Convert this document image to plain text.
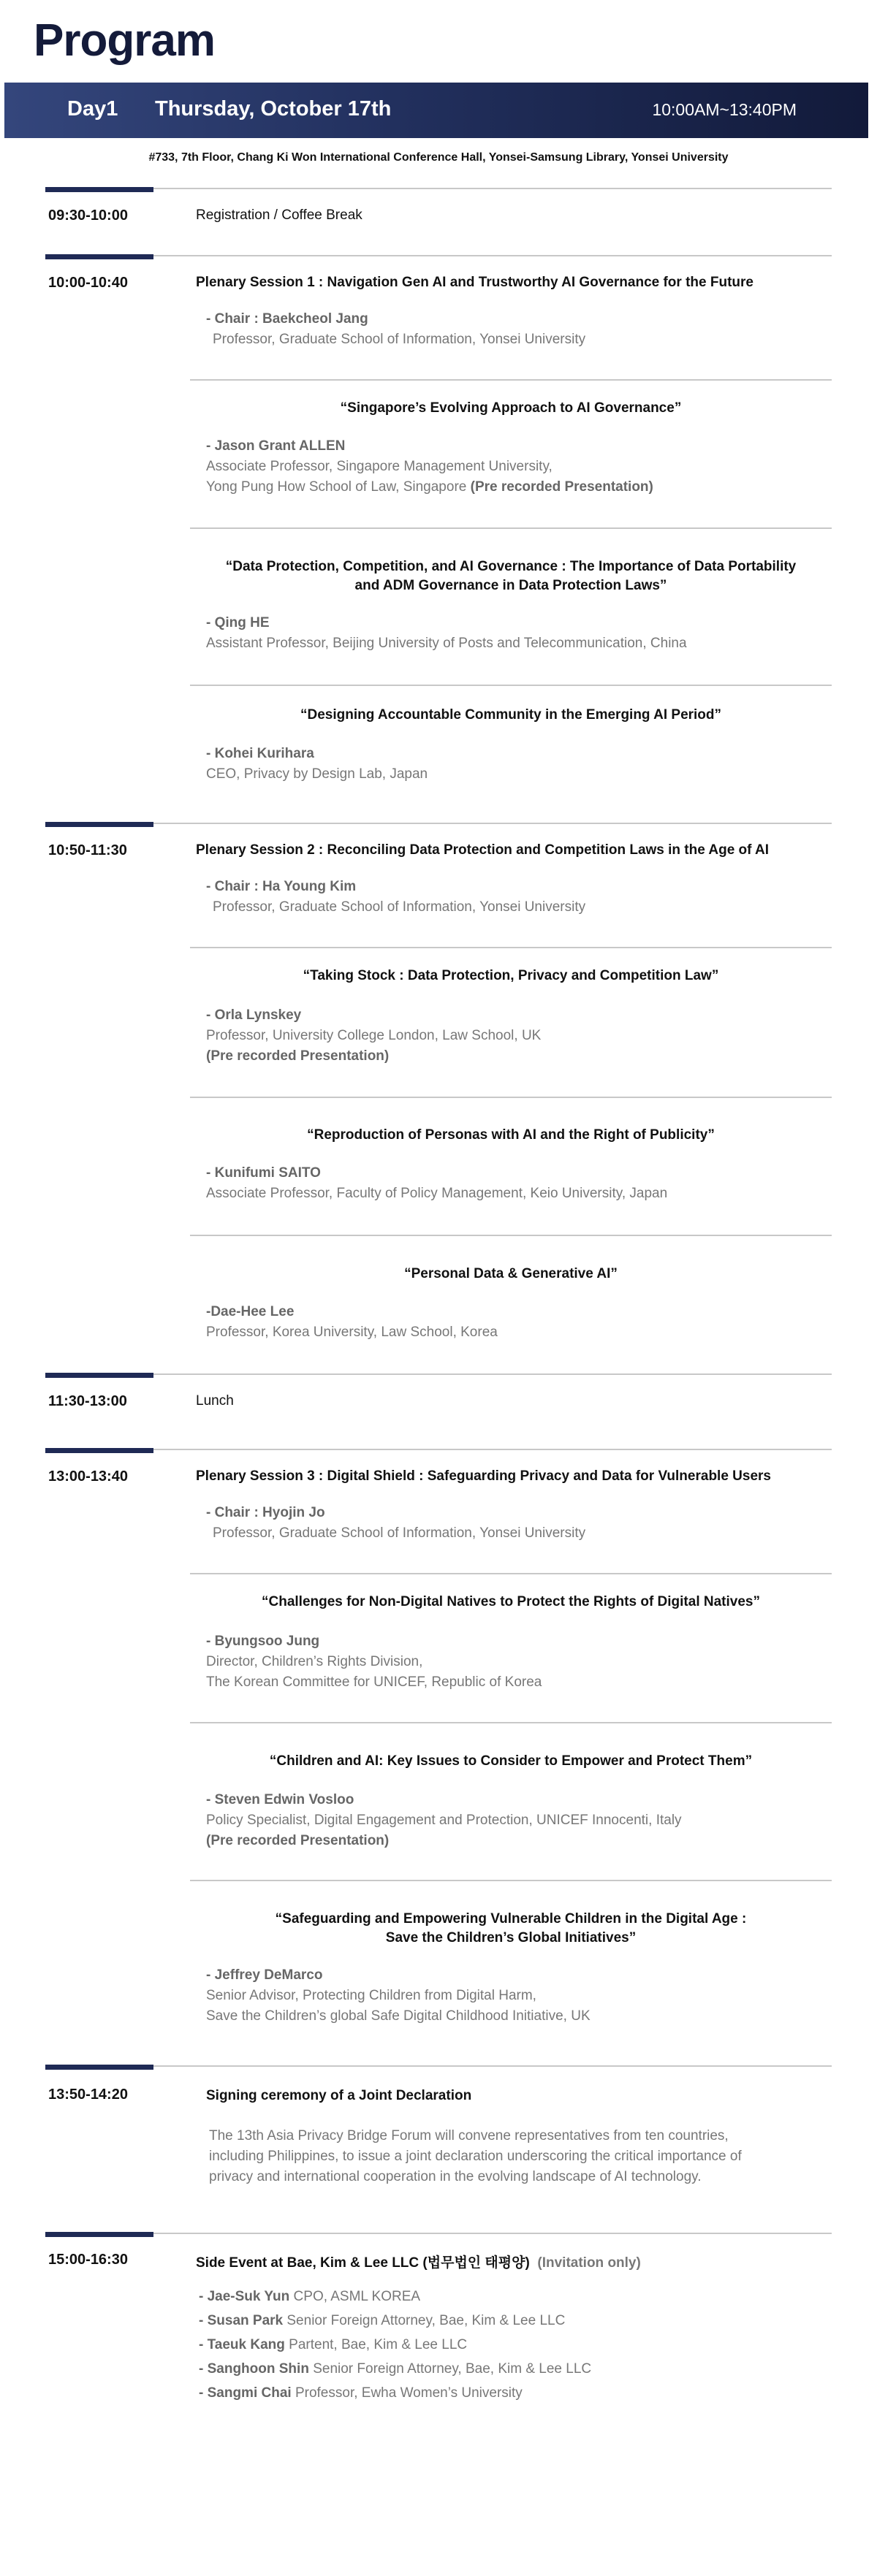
Program
Day1 Thursday, October 17th	10:00AM~13:40PM
#733, 7th Floor, Chang Ki Won International Conference Hall, Yonsei-Samsung Library, Yonsei University
09:30-10:00	Registration / Coffee Break
10:00-10:40	Plenary Session 1 : Navigation Gen AI and Trustworthy AI Governance for the Future
- Chair : Baekcheol Jang
Professor, Graduate School of Information, Yonsei University
“Singapore’s Evolving Approach to AI Governance”
- Jason Grant ALLEN
Associate Professor, Singapore Management University,
Yong Pung How School of Law, Singapore (Pre recorded Presentation)
“Data Protection, Competition, and AI Governance : The Importance of Data Portability
and ADM Governance in Data Protection Laws”
- Qing HE
Assistant Professor, Beijing University of Posts and Telecommunication, China
“Designing Accountable Community in the Emerging AI Period”
- Kohei Kurihara
CEO, Privacy by Design Lab, Japan
10:50-11:30	Plenary Session 2 : Reconciling Data Protection and Competition Laws in the Age of AI
- Chair : Ha Young Kim
Professor, Graduate School of Information, Yonsei University
“Taking Stock : Data Protection, Privacy and Competition Law”
- Orla Lynskey
Professor, University College London, Law School, UK
(Pre recorded Presentation)
“Reproduction of Personas with AI and the Right of Publicity”
- Kunifumi SAITO
Associate Professor, Faculty of Policy Management, Keio University, Japan
“Personal Data & Generative AI”
-Dae-Hee Lee
Professor, Korea University, Law School, Korea
11:30-13:00	Lunch
13:00-13:40	Plenary Session 3 : Digital Shield : Safeguarding Privacy and Data for Vulnerable Users
- Chair : Hyojin Jo
Professor, Graduate School of Information, Yonsei University
“Challenges for Non-Digital Natives to Protect the Rights of Digital Natives”
- Byungsoo Jung
Director, Children’s Rights Division,
The Korean Committee for UNICEF, Republic of Korea
“Children and AI: Key Issues to Consider to Empower and Protect Them”
- Steven Edwin Vosloo
Policy Specialist, Digital Engagement and Protection, UNICEF Innocenti, Italy
(Pre recorded Presentation)
“Safeguarding and Empowering Vulnerable Children in the Digital Age :
Save the Children’s Global Initiatives”
- Jeffrey DeMarco
Senior Advisor, Protecting Children from Digital Harm,
Save the Children’s global Safe Digital Childhood Initiative, UK
13:50-14:20	Signing ceremony of a Joint Declaration
The 13th Asia Privacy Bridge Forum will convene representatives from ten countries,
including Philippines, to issue a joint declaration underscoring the critical importance of
privacy and international cooperation in the evolving landscape of AI technology.
15:00-16:30	Side Event at Bae, Kim & Lee LLC (법무법인 태평양) (Invitation only)
- Jae-Suk Yun CPO, ASML KOREA
- Susan Park Senior Foreign Attorney, Bae, Kim & Lee LLC
- Taeuk Kang Partent, Bae, Kim & Lee LLC
- Sanghoon Shin Senior Foreign Attorney, Bae, Kim & Lee LLC
- Sangmi Chai Professor, Ewha Women’s University
